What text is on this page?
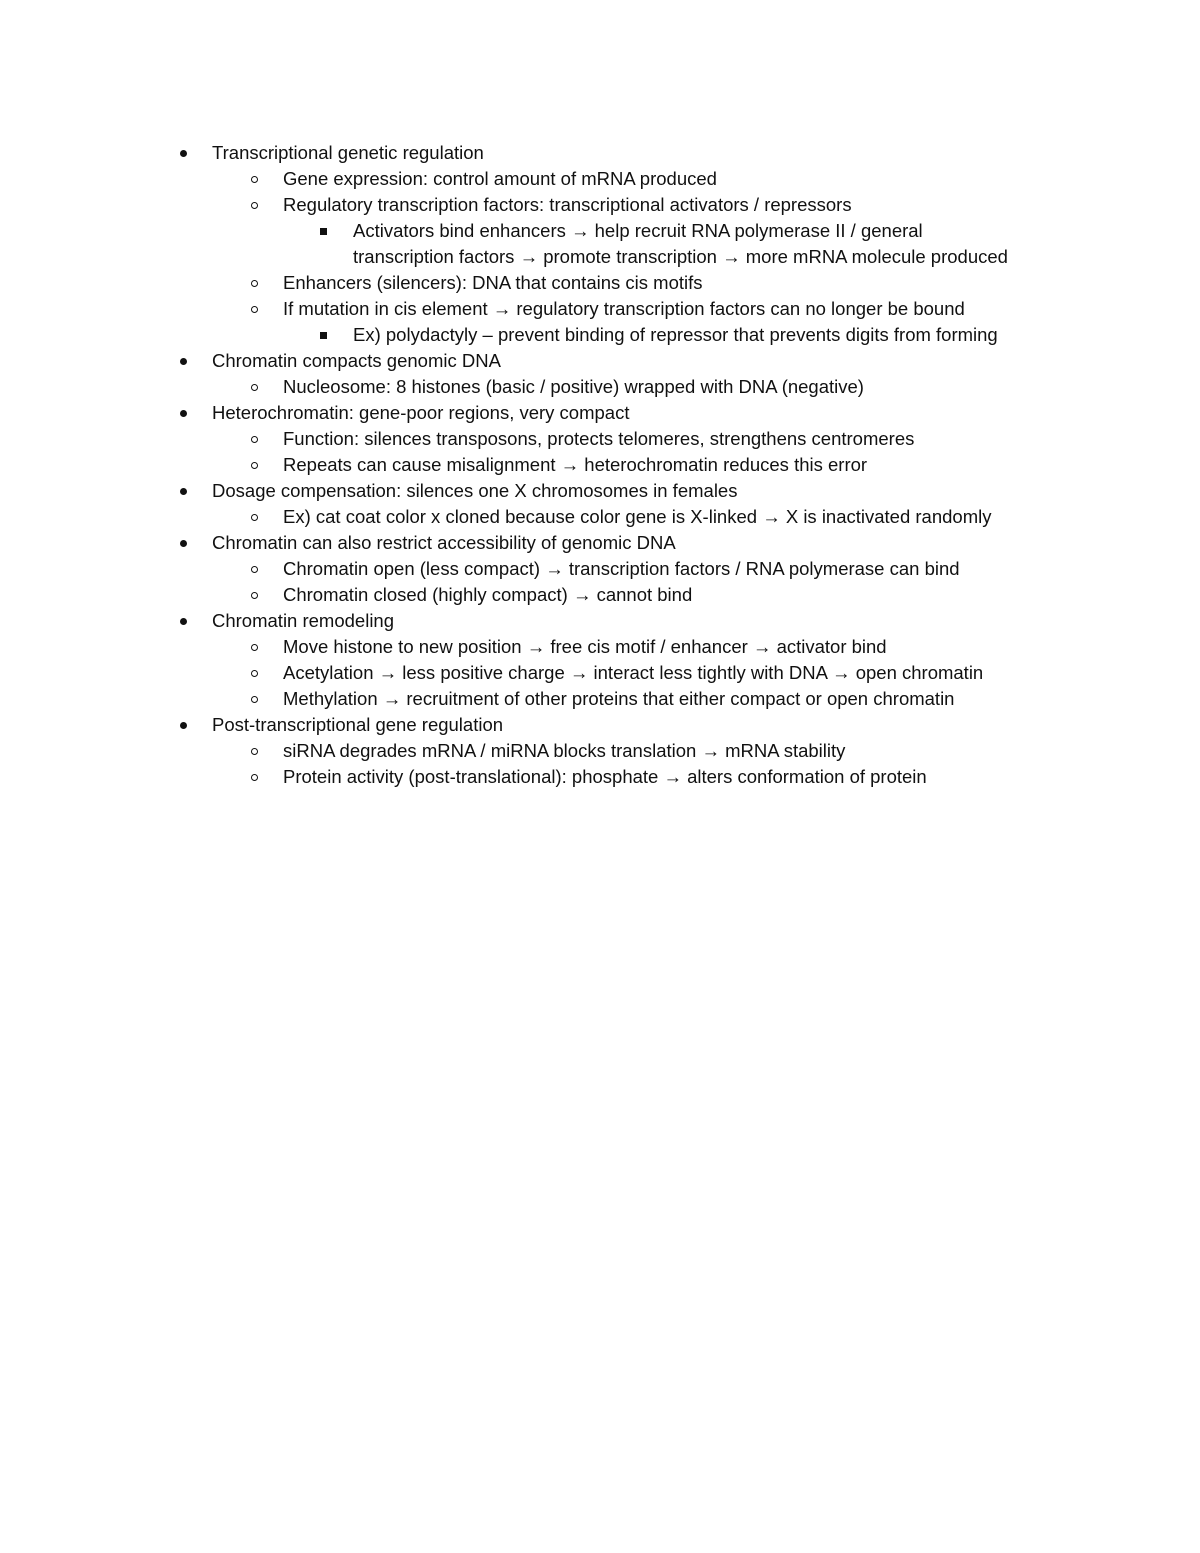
Transcriptional genetic regulation
Gene expression: control amount of mRNA produced
Regulatory transcription factors: transcriptional activators / repressors
Activators bind enhancers → help recruit RNA polymerase II / general
transcription factors → promote transcription → more mRNA molecule produced
Enhancers (silencers): DNA that contains cis motifs
If mutation in cis element → regulatory transcription factors can no longer be bound
Ex) polydactyly – prevent binding of repressor that prevents digits from forming
Chromatin compacts genomic DNA
Nucleosome: 8 histones (basic / positive) wrapped with DNA (negative)
Heterochromatin: gene-poor regions, very compact
Function: silences transposons, protects telomeres, strengthens centromeres
Repeats can cause misalignment → heterochromatin reduces this error
Dosage compensation: silences one X chromosomes in females
Ex) cat coat color x cloned because color gene is X-linked → X is inactivated randomly
Chromatin can also restrict accessibility of genomic DNA
Chromatin open (less compact) → transcription factors / RNA polymerase can bind
Chromatin closed (highly compact) → cannot bind
Chromatin remodeling
Move histone to new position → free cis motif / enhancer → activator bind
Acetylation → less positive charge → interact less tightly with DNA → open chromatin
Methylation → recruitment of other proteins that either compact or open chromatin
Post-transcriptional gene regulation
siRNA degrades mRNA / miRNA blocks translation → mRNA stability
Protein activity (post-translational): phosphate → alters conformation of protein
